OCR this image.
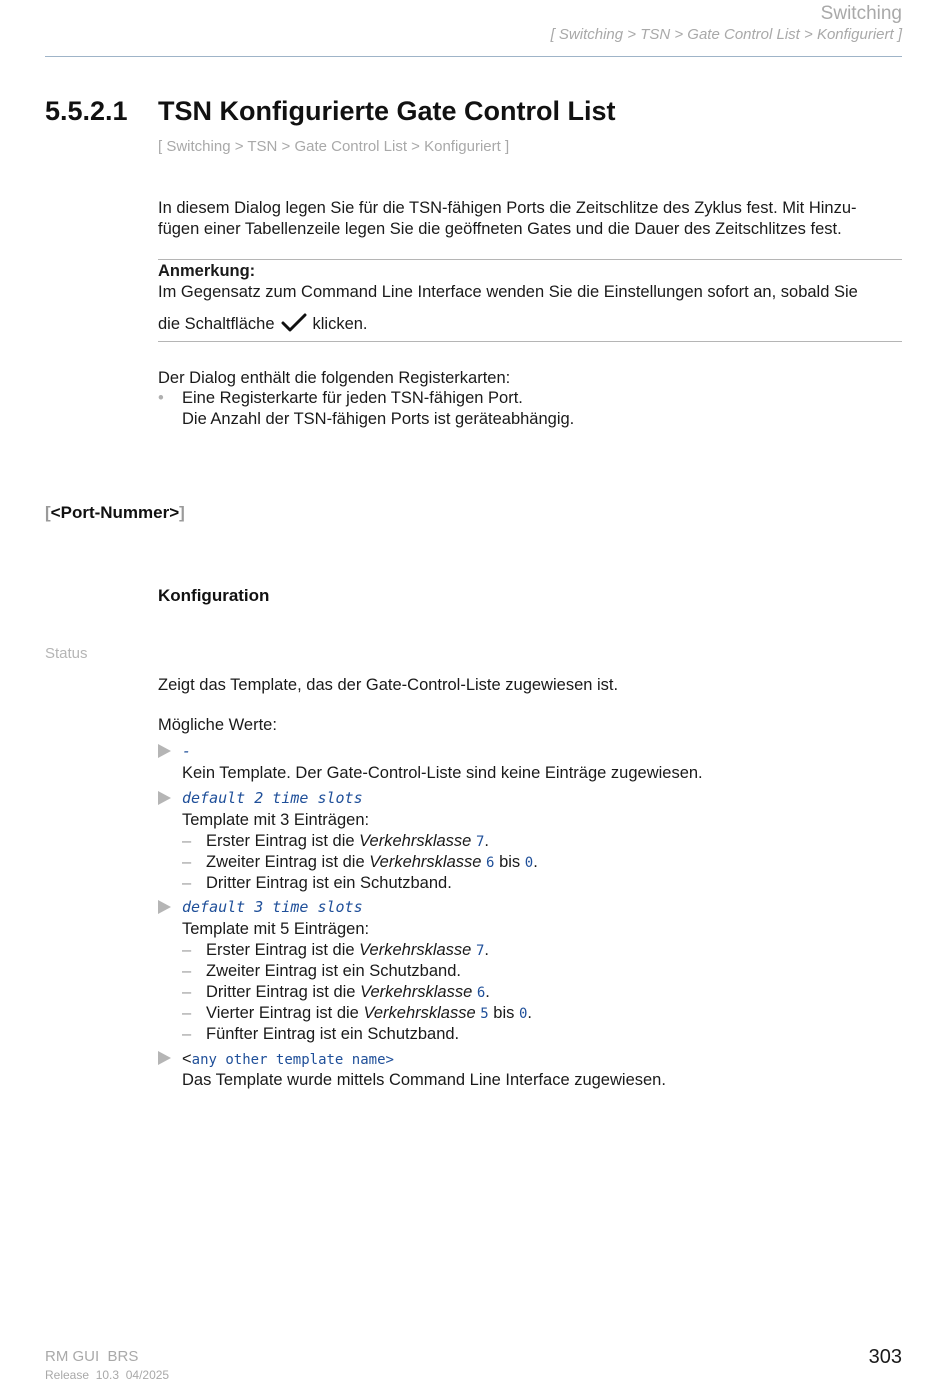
Switching
[ Switching > TSN > Gate Control List > Konfiguriert ]
5.5.2.1 TSN Konfigurierte Gate Control List
[ Switching > TSN > Gate Control List > Konfiguriert ]
In diesem Dialog legen Sie für die TSN-fähigen Ports die Zeitschlitze des Zyklus fest. Mit Hinzu-
fügen einer Tabellenzeile legen Sie die geöffneten Gates und die Dauer des Zeitschlitzes fest.
Anmerkung:
Im Gegensatz zum Command Line Interface wenden Sie die Einstellungen sofort an, sobald Sie
die Schaltfläche klicken.
Der Dialog enthält die folgenden Registerkarten:
• Eine Registerkarte für jeden TSN-fähigen Port.
Die Anzahl der TSN-fähigen Ports ist geräteabhängig.
[<Port-Nummer>]
Konfiguration
Status
Zeigt das Template, das der Gate-Control-Liste zugewiesen ist.
Mögliche Werte:
-
Kein Template. Der Gate-Control-Liste sind keine Einträge zugewiesen.
default 2 time slots
Template mit 3 Einträgen:
– Erster Eintrag ist die Verkehrsklasse 7.
– Zweiter Eintrag ist die Verkehrsklasse 6 bis 0.
– Dritter Eintrag ist ein Schutzband.
default 3 time slots
Template mit 5 Einträgen:
– Erster Eintrag ist die Verkehrsklasse 7.
– Zweiter Eintrag ist ein Schutzband.
– Dritter Eintrag ist die Verkehrsklasse 6.
– Vierter Eintrag ist die Verkehrsklasse 5 bis 0.
– Fünfter Eintrag ist ein Schutzband.
<any other template name>
Das Template wurde mittels Command Line Interface zugewiesen.
RM GUI  BRS
Release  10.3  04/2025
303
